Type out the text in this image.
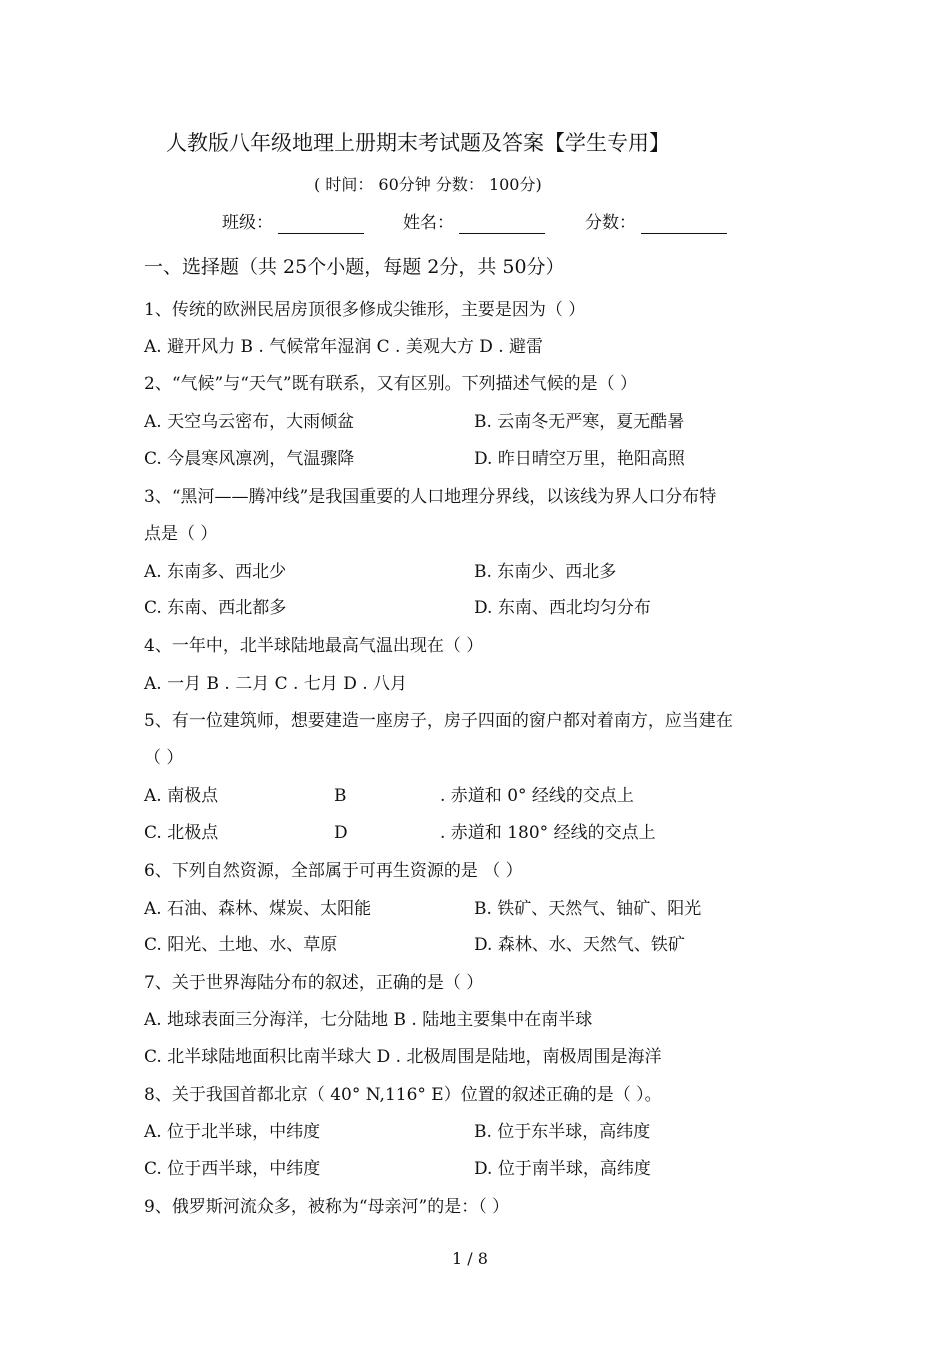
人教版八年级地理上册期末考试题及答案【学生专用】
( 时间： 60分钟 分数： 100分)
班级：	姓名：	分数：
一、选择题（共 25个小题，每题 2分，共 50分）
1、传统的欧洲民居房顶很多修成尖锥形，主要是因为（ ）
A. 避开风力 B . 气候常年湿润 C . 美观大方 D . 避雷
2、“气候”与“天气”既有联系，又有区别。下列描述气候的是（ ）
A. 天空乌云密布，大雨倾盆	B. 云南冬无严寒，夏无酷暑
C. 今晨寒风凛冽，气温骤降	D. 昨日晴空万里，艳阳高照
3、“黑河——腾冲线”是我国重要的人口地理分界线，以该线为界人口分布特
点是（ ）
A. 东南多、西北少	B. 东南少、西北多
C. 东南、西北都多	D. 东南、西北均匀分布
4、一年中，北半球陆地最高气温出现在（ ）
A. 一月 B . 二月 C . 七月 D . 八月
5、有一位建筑师，想要建造一座房子，房子四面的窗户都对着南方，应当建在
（ ）
A. 南极点	B	. 赤道和 0° 经线的交点上
C. 北极点	D	. 赤道和 180° 经线的交点上
6、下列自然资源，全部属于可再生资源的是 （ ）
A. 石油、森林、煤炭、太阳能	B. 铁矿、天然气、铀矿、阳光
C. 阳光、土地、水、草原	D. 森林、水、天然气、铁矿
7、关于世界海陆分布的叙述，正确的是（ ）
A. 地球表面三分海洋，七分陆地 B . 陆地主要集中在南半球
C. 北半球陆地面积比南半球大 D . 北极周围是陆地，南极周围是海洋
8、关于我国首都北京（ 40° N,116° E）位置的叙述正确的是（ ）。
A. 位于北半球，中纬度	B. 位于东半球，高纬度
C. 位于西半球，中纬度	D. 位于南半球，高纬度
9、俄罗斯河流众多，被称为“母亲河”的是：（ ）
1 / 8
